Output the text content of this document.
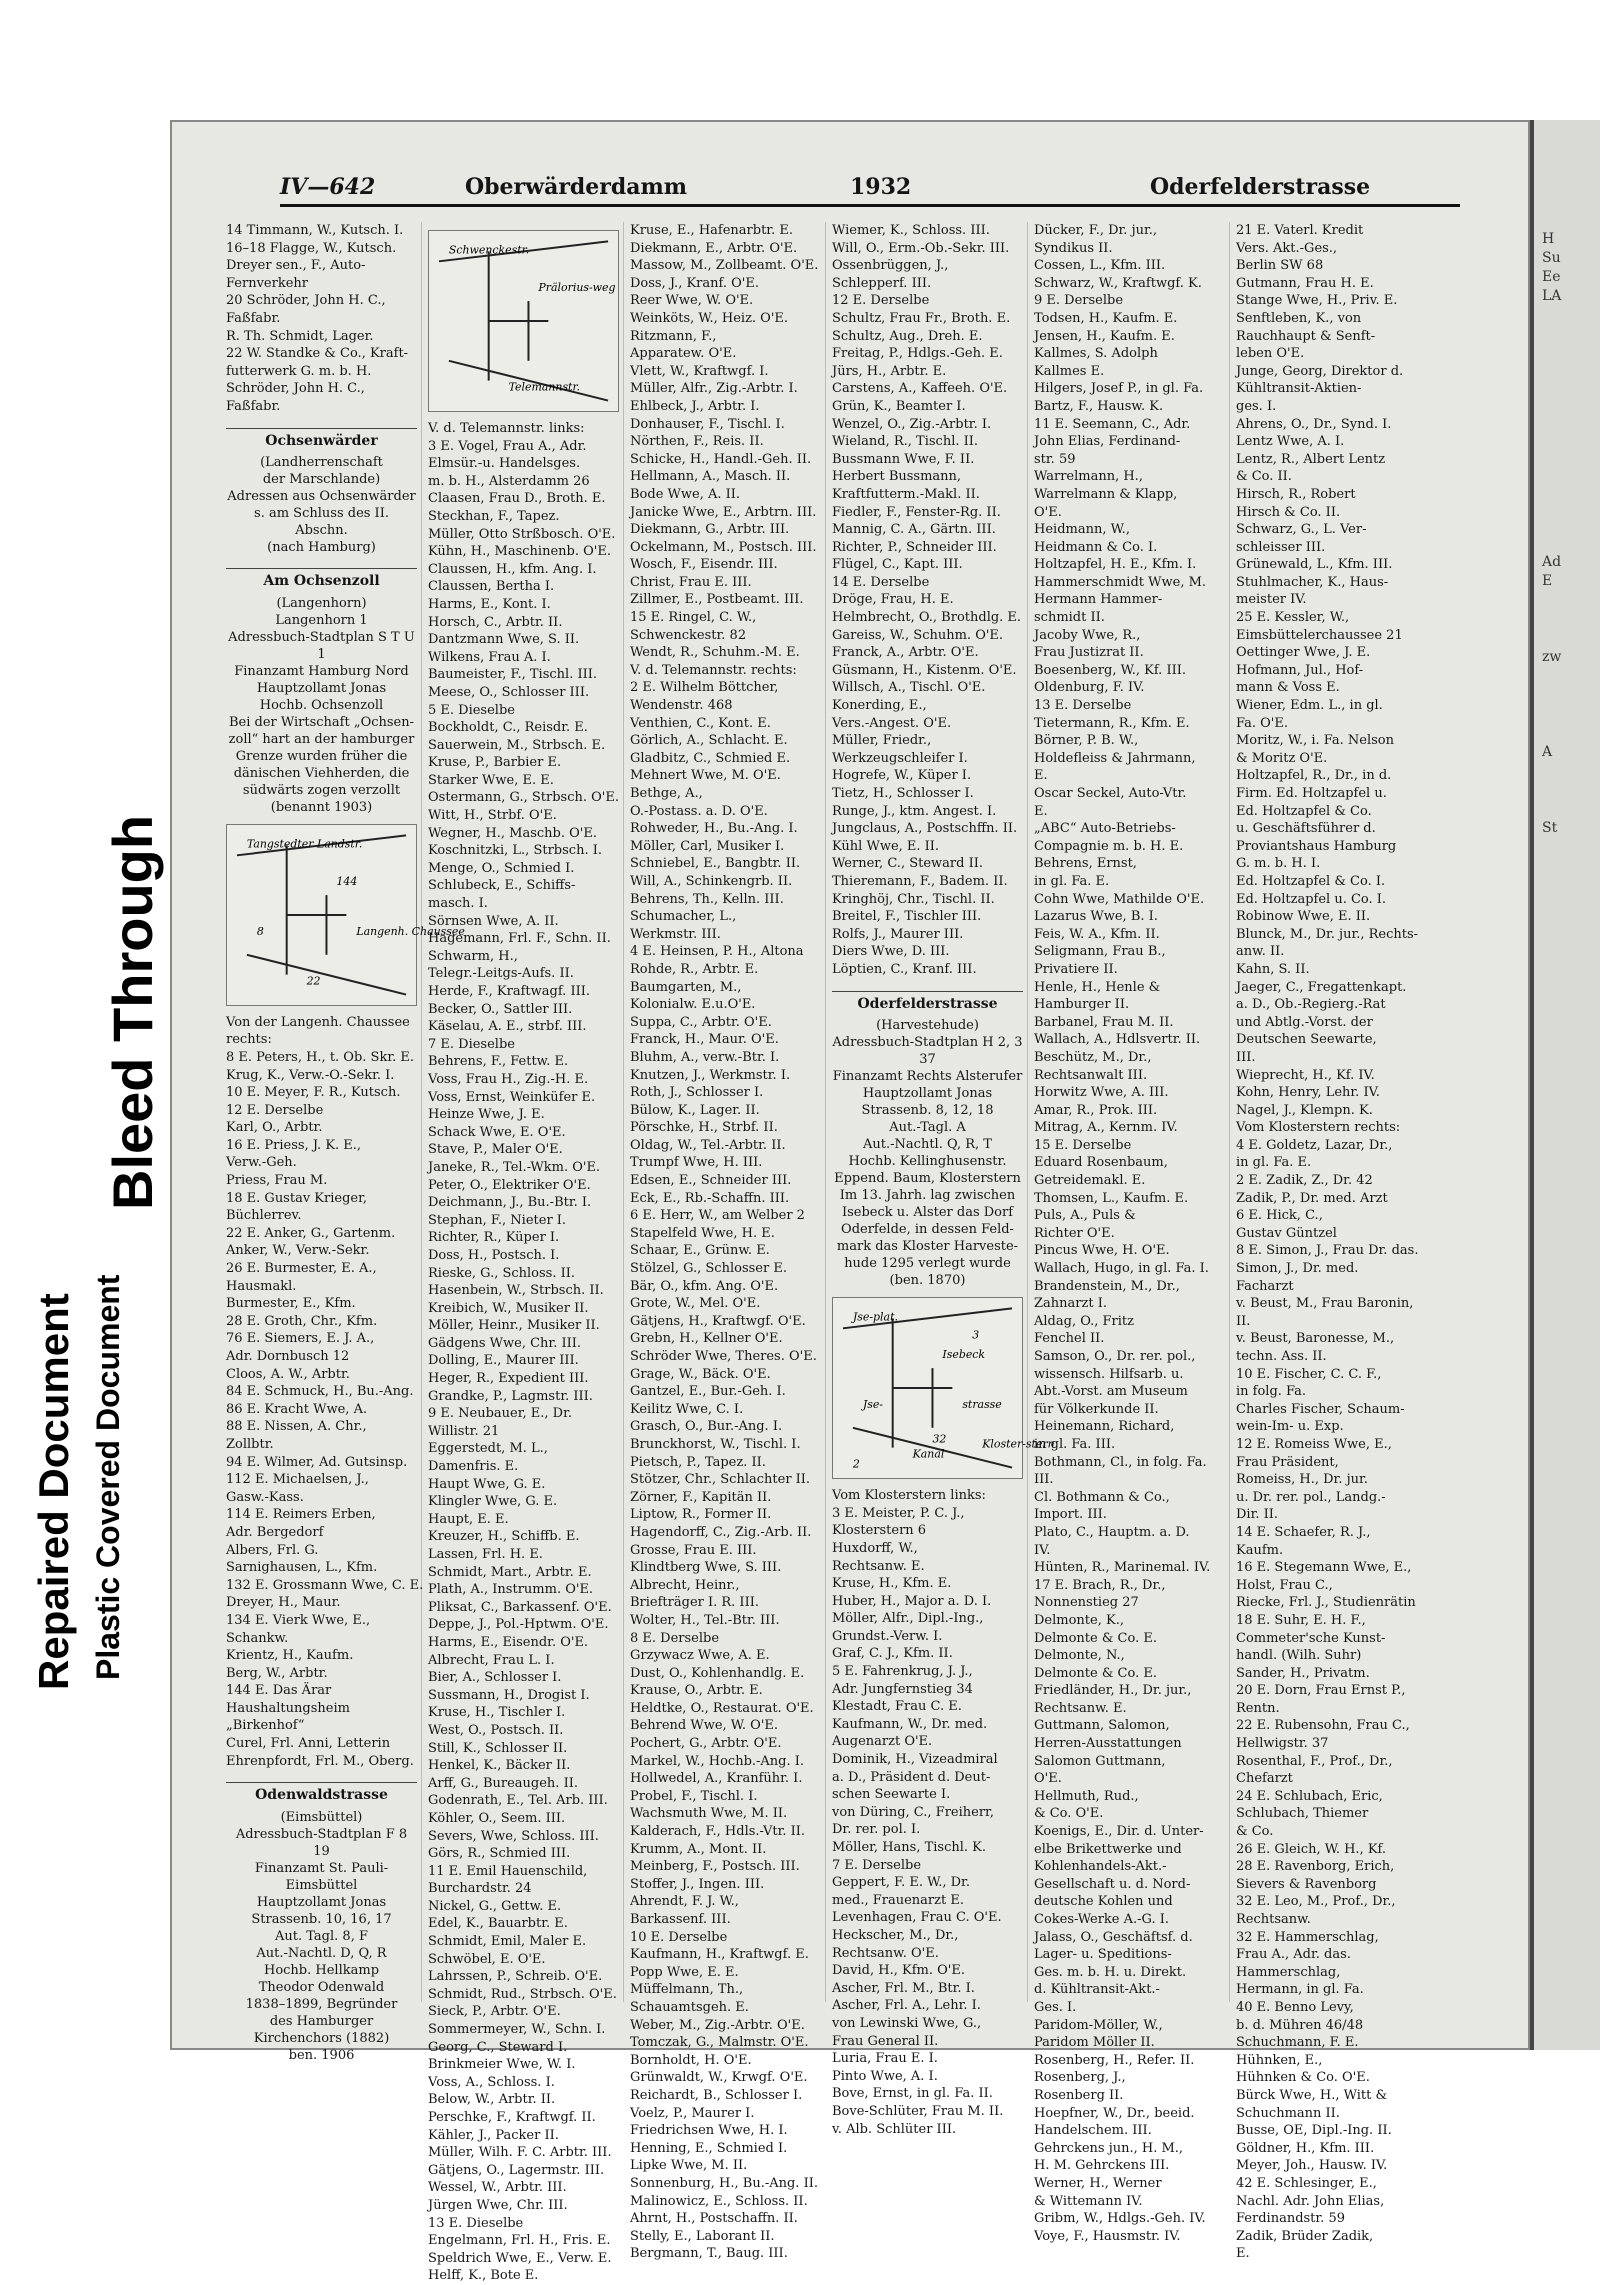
Repaired Document Plastic Covered Document
Bleed Through
IV—642	Oberwärderdamm	1932	Oderfelderstrasse
14 Timmann, W., Kutsch. I.
16–18 Flagge, W., Kutsch.
Dreyer sen., F., Auto-
Fernverkehr
20 Schröder, John H. C.,
Faßfabr.
R. Th. Schmidt, Lager.
22 W. Standke & Co., Kraft-
futterwerk G. m. b. H.
Schröder, John H. C.,
Faßfabr.
Ochsenwärder
(Landherrenschaft
der Marschlande)
Adressen aus Ochsenwärder
s. am Schluss des II. Abschn.
(nach Hamburg)
Am Ochsenzoll
(Langenhorn)
Langenhorn 1
Adressbuch-Stadtplan S T U 1
Finanzamt Hamburg Nord
Hauptzollamt Jonas
Hochb. Ochsenzoll
Bei der Wirtschaft „Ochsen-
zoll“ hart an der hamburger
Grenze wurden früher die
dänischen Viehherden, die
südwärts zogen verzollt
(benannt 1903)
Tangstedter Landstr.
144
22
8	Langenh. Chaussee
Von der Langenh. Chaussee
rechts:
8 E. Peters, H., t. Ob. Skr. E.
Krug, K., Verw.-O.-Sekr. I.
10 E. Meyer, F. R., Kutsch.
12 E. Derselbe
Karl, O., Arbtr.
16 E. Priess, J. K. E.,
Verw.-Geh.
Priess, Frau M.
18 E. Gustav Krieger,
Büchlerrev.
22 E. Anker, G., Gartenm.
Anker, W., Verw.-Sekr.
26 E. Burmester, E. A.,
Hausmakl.
Burmester, E., Kfm.
28 E. Groth, Chr., Kfm.
76 E. Siemers, E. J. A.,
Adr. Dornbusch 12
Cloos, A. W., Arbtr.
84 E. Schmuck, H., Bu.-Ang.
86 E. Kracht Wwe, A.
88 E. Nissen, A. Chr.,
Zollbtr.
94 E. Wilmer, Ad. Gutsinsp.
112 E. Michaelsen, J.,
Gasw.-Kass.
114 E. Reimers Erben,
Adr. Bergedorf
Albers, Frl. G.
Sarnighausen, L., Kfm.
132 E. Grossmann Wwe, C. E.
Dreyer, H., Maur.
134 E. Vierk Wwe, E.,
Schankw.
Krientz, H., Kaufm.
Berg, W., Arbtr.
144 E. Das Ärar
Haushaltungsheim
„Birkenhof“
Curel, Frl. Anni, Letterin
Ehrenpfordt, Frl. M., Oberg.
Odenwaldstrasse
(Eimsbüttel)
Adressbuch-Stadtplan F 8
19
Finanzamt St. Pauli-
Eimsbüttel
Hauptzollamt Jonas
Strassenb. 10, 16, 17
Aut. Tagl. 8, F
Aut.-Nachtl. D, Q, R
Hochb. Hellkamp
Theodor Odenwald
1838–1899, Begründer
des Hamburger
Kirchenchors (1882)
ben. 1906
Schwenckestr.
Prälorius-weg
Telemannstr.
V. d. Telemannstr. links:
3 E. Vogel, Frau A., Adr.
Elmsür.-u. Handelsges.
m. b. H., Alsterdamm 26
Claasen, Frau D., Broth. E.
Steckhan, F., Tapez.
Müller, Otto Strßbosch. O'E.
Kühn, H., Maschinenb. O'E.
Claussen, H., kfm. Ang. I.
Claussen, Bertha I.
Harms, E., Kont. I.
Horsch, C., Arbtr. II.
Dantzmann Wwe, S. II.
Wilkens, Frau A. I.
Baumeister, F., Tischl. III.
Meese, O., Schlosser III.
5 E. Dieselbe
Bockholdt, C., Reisdr. E.
Sauerwein, M., Strbsch. E.
Kruse, P., Barbier E.
Starker Wwe, E. E.
Ostermann, G., Strbsch. O'E.
Witt, H., Strbf. O'E.
Wegner, H., Maschb. O'E.
Koschnitzki, L., Strbsch. I.
Menge, O., Schmied I.
Schlubeck, E., Schiffs-
masch. I.
Sörnsen Wwe, A. II.
Hagemann, Frl. F., Schn. II.
Schwarm, H.,
Telegr.-Leitgs-Aufs. II.
Herde, F., Kraftwagf. III.
Becker, O., Sattler III.
Käselau, A. E., strbf. III.
7 E. Dieselbe
Behrens, F., Fettw. E.
Voss, Frau H., Zig.-H. E.
Voss, Ernst, Weinküfer E.
Heinze Wwe, J. E.
Schack Wwe, E. O'E.
Stave, P., Maler O'E.
Janeke, R., Tel.-Wkm. O'E.
Peter, O., Elektriker O'E.
Deichmann, J., Bu.-Btr. I.
Stephan, F., Nieter I.
Richter, R., Küper I.
Doss, H., Postsch. I.
Rieske, G., Schloss. II.
Hasenbein, W., Strbsch. II.
Kreibich, W., Musiker II.
Möller, Heinr., Musiker II.
Gädgens Wwe, Chr. III.
Dolling, E., Maurer III.
Heger, R., Expedient III.
Grandke, P., Lagmstr. III.
9 E. Neubauer, E., Dr.
Willistr. 21
Eggerstedt, M. L.,
Damenfris. E.
Haupt Wwe, G. E.
Klingler Wwe, G. E.
Haupt, E. E.
Kreuzer, H., Schiffb. E.
Lassen, Frl. H. E.
Schmidt, Mart., Arbtr. E.
Plath, A., Instrumm. O'E.
Pliksat, C., Barkassenf. O'E.
Deppe, J., Pol.-Hptwm. O'E.
Harms, E., Eisendr. O'E.
Albrecht, Frau L. I.
Bier, A., Schlosser I.
Sussmann, H., Drogist I.
Kruse, H., Tischler I.
West, O., Postsch. II.
Still, K., Schlosser II.
Henkel, K., Bäcker II.
Arff, G., Bureaugeh. II.
Godenrath, E., Tel. Arb. III.
Köhler, O., Seem. III.
Severs, Wwe, Schloss. III.
Görs, R., Schmied III.
11 E. Emil Hauenschild,
Burchardstr. 24
Nickel, G., Gettw. E.
Edel, K., Bauarbtr. E.
Schmidt, Emil, Maler E.
Schwöbel, E. O'E.
Lahrssen, P., Schreib. O'E.
Schmidt, Rud., Strbsch. O'E.
Sieck, P., Arbtr. O'E.
Sommermeyer, W., Schn. I.
Georg, C., Steward I.
Brinkmeier Wwe, W. I.
Voss, A., Schloss. I.
Below, W., Arbtr. II.
Perschke, F., Kraftwgf. II.
Kähler, J., Packer II.
Müller, Wilh. F. C. Arbtr. III.
Gätjens, O., Lagermstr. III.
Wessel, W., Arbtr. III.
Jürgen Wwe, Chr. III.
13 E. Dieselbe
Engelmann, Frl. H., Fris. E.
Speldrich Wwe, E., Verw. E.
Helff, K., Bote E.
Kruse, E., Hafenarbtr. E.
Diekmann, E., Arbtr. O'E.
Massow, M., Zollbeamt. O'E.
Doss, J., Kranf. O'E.
Reer Wwe, W. O'E.
Weinköts, W., Heiz. O'E.
Ritzmann, F.,
Apparatew. O'E.
Vlett, W., Kraftwgf. I.
Müller, Alfr., Zig.-Arbtr. I.
Ehlbeck, J., Arbtr. I.
Donhauser, F., Tischl. I.
Nörthen, F., Reis. II.
Schicke, H., Handl.-Geh. II.
Hellmann, A., Masch. II.
Bode Wwe, A. II.
Janicke Wwe, E., Arbtrn. III.
Diekmann, G., Arbtr. III.
Ockelmann, M., Postsch. III.
Wosch, F., Eisendr. III.
Christ, Frau E. III.
Zillmer, E., Postbeamt. III.
15 E. Ringel, C. W.,
Schwenckestr. 82
Wendt, R., Schuhm.-M. E.
V. d. Telemannstr. rechts:
2 E. Wilhelm Böttcher,
Wendenstr. 468
Venthien, C., Kont. E.
Görlich, A., Schlacht. E.
Gladbitz, C., Schmied E.
Mehnert Wwe, M. O'E.
Bethge, A.,
O.-Postass. a. D. O'E.
Rohweder, H., Bu.-Ang. I.
Möller, Carl, Musiker I.
Schniebel, E., Bangbtr. II.
Will, A., Schinkengrb. II.
Behrens, Th., Kelln. III.
Schumacher, L.,
Werkmstr. III.
4 E. Heinsen, P. H., Altona
Rohde, R., Arbtr. E.
Baumgarten, M.,
Kolonialw. E.u.O'E.
Suppa, C., Arbtr. O'E.
Franck, H., Maur. O'E.
Bluhm, A., verw.-Btr. I.
Knutzen, J., Werkmstr. I.
Roth, J., Schlosser I.
Bülow, K., Lager. II.
Pörschke, H., Strbf. II.
Oldag, W., Tel.-Arbtr. II.
Trumpf Wwe, H. III.
Edsen, E., Schneider III.
Eck, E., Rb.-Schaffn. III.
6 E. Herr, W., am Welber 2
Stapelfeld Wwe, H. E.
Schaar, E., Grünw. E.
Stölzel, G., Schlosser E.
Bär, O., kfm. Ang. O'E.
Grote, W., Mel. O'E.
Gätjens, H., Kraftwgf. O'E.
Grebn, H., Kellner O'E.
Schröder Wwe, Theres. O'E.
Grage, W., Bäck. O'E.
Gantzel, E., Bur.-Geh. I.
Keilitz Wwe, C. I.
Grasch, O., Bur.-Ang. I.
Brunckhorst, W., Tischl. I.
Pietsch, P., Tapez. II.
Stötzer, Chr., Schlachter II.
Zörner, F., Kapitän II.
Liptow, R., Former II.
Hagendorff, C., Zig.-Arb. II.
Grosse, Frau E. III.
Klindtberg Wwe, S. III.
Albrecht, Heinr.,
Briefträger I. R. III.
Wolter, H., Tel.-Btr. III.
8 E. Derselbe
Grzywacz Wwe, A. E.
Dust, O., Kohlenhandlg. E.
Krause, O., Arbtr. E.
Heldtke, O., Restaurat. O'E.
Behrend Wwe, W. O'E.
Pochert, G., Arbtr. O'E.
Markel, W., Hochb.-Ang. I.
Hollwedel, A., Kranführ. I.
Probel, F., Tischl. I.
Wachsmuth Wwe, M. II.
Kalderach, F., Hdls.-Vtr. II.
Krumm, A., Mont. II.
Meinberg, F., Postsch. III.
Stoffer, J., Ingen. III.
Ahrendt, F. J. W.,
Barkassenf. III.
10 E. Derselbe
Kaufmann, H., Kraftwgf. E.
Popp Wwe, E. E.
Müffelmann, Th.,
Schauamtsgeh. E.
Weber, M., Zig.-Arbtr. O'E.
Tomczak, G., Malmstr. O'E.
Bornholdt, H. O'E.
Grünwaldt, W., Krwgf. O'E.
Reichardt, B., Schlosser I.
Voelz, P., Maurer I.
Friedrichsen Wwe, H. I.
Henning, E., Schmied I.
Lipke Wwe, M. II.
Sonnenburg, H., Bu.-Ang. II.
Malinowicz, E., Schloss. II.
Ahrnt, H., Postschaffn. II.
Stelly, E., Laborant II.
Bergmann, T., Baug. III.
Wiemer, K., Schloss. III.
Will, O., Erm.-Ob.-Sekr. III.
Ossenbrüggen, J.,
Schlepperf. III.
12 E. Derselbe
Schultz, Frau Fr., Broth. E.
Schultz, Aug., Dreh. E.
Freitag, P., Hdlgs.-Geh. E.
Jürs, H., Arbtr. E.
Carstens, A., Kaffeeh. O'E.
Grün, K., Beamter I.
Wenzel, O., Zig.-Arbtr. I.
Wieland, R., Tischl. II.
Bussmann Wwe, F. II.
Herbert Bussmann,
Kraftfutterm.-Makl. II.
Fiedler, F., Fenster-Rg. II.
Mannig, C. A., Gärtn. III.
Richter, P., Schneider III.
Flügel, C., Kapt. III.
14 E. Derselbe
Dröge, Frau, H. E.
Helmbrecht, O., Brothdlg. E.
Gareiss, W., Schuhm. O'E.
Franck, A., Arbtr. O'E.
Güsmann, H., Kistenm. O'E.
Willsch, A., Tischl. O'E.
Konerding, E.,
Vers.-Angest. O'E.
Müller, Friedr.,
Werkzeugschleifer I.
Hogrefe, W., Küper I.
Tietz, H., Schlosser I.
Runge, J., ktm. Angest. I.
Jungclaus, A., Postschffn. II.
Kühl Wwe, E. II.
Werner, C., Steward II.
Thieremann, F., Badem. II.
Kringhöj, Chr., Tischl. II.
Breitel, F., Tischler III.
Rolfs, J., Maurer III.
Diers Wwe, D. III.
Löptien, C., Kranf. III.
Oderfelderstrasse
(Harvestehude)
Adressbuch-Stadtplan H 2, 3
37
Finanzamt Rechts Alsterufer
Hauptzollamt Jonas
Strassenb. 8, 12, 18
Aut.-Tagl. A
Aut.-Nachtl. Q, R, T
Hochb. Kellinghusenstr.
Eppend. Baum, Klosterstern
Im 13. Jahrh. lag zwischen
Isebeck u. Alster das Dorf
Oderfelde, in dessen Feld-
mark das Kloster Harveste-
hude 1295 verlegt wurde
(ben. 1870)
Jse-plat.
Isebeck
Kanal
Jse-	strasse
32
3
2
Kloster-stern
Vom Klosterstern links:
3 E. Meister, P. C. J.,
Klosterstern 6
Huxdorff, W.,
Rechtsanw. E.
Kruse, H., Kfm. E.
Huber, H., Major a. D. I.
Möller, Alfr., Dipl.-Ing.,
Grundst.-Verw. I.
Graf, C. J., Kfm. II.
5 E. Fahrenkrug, J. J.,
Adr. Jungfernstieg 34
Klestadt, Frau C. E.
Kaufmann, W., Dr. med.
Augenarzt O'E.
Dominik, H., Vizeadmiral
a. D., Präsident d. Deut-
schen Seewarte I.
von Düring, C., Freiherr,
Dr. rer. pol. I.
Möller, Hans, Tischl. K.
7 E. Derselbe
Geppert, F. E. W., Dr.
med., Frauenarzt E.
Levenhagen, Frau C. O'E.
Heckscher, M., Dr.,
Rechtsanw. O'E.
David, H., Kfm. O'E.
Ascher, Frl. M., Btr. I.
Ascher, Frl. A., Lehr. I.
von Lewinski Wwe, G.,
Frau General II.
Luria, Frau E. I.
Pinto Wwe, A. I.
Bove, Ernst, in gl. Fa. II.
Bove-Schlüter, Frau M. II.
v. Alb. Schlüter III.
Dücker, F., Dr. jur.,
Syndikus II.
Cossen, L., Kfm. III.
Schwarz, W., Kraftwgf. K.
9 E. Derselbe
Todsen, H., Kaufm. E.
Jensen, H., Kaufm. E.
Kallmes, S. Adolph
Kallmes E.
Hilgers, Josef P., in gl. Fa.
Bartz, F., Hausw. K.
11 E. Seemann, C., Adr.
John Elias, Ferdinand-
str. 59
Warrelmann, H.,
Warrelmann & Klapp,
O'E.
Heidmann, W.,
Heidmann & Co. I.
Holtzapfel, H. E., Kfm. I.
Hammerschmidt Wwe, M.
Hermann Hammer-
schmidt II.
Jacoby Wwe, R.,
Frau Justizrat II.
Boesenberg, W., Kf. III.
Oldenburg, F. IV.
13 E. Derselbe
Tietermann, R., Kfm. E.
Börner, P. B. W.,
Holdefleiss & Jahrmann,
E.
Oscar Seckel, Auto-Vtr.
E.
„ABC“ Auto-Betriebs-
Compagnie m. b. H. E.
Behrens, Ernst,
in gl. Fa. E.
Cohn Wwe, Mathilde O'E.
Lazarus Wwe, B. I.
Feis, W. A., Kfm. II.
Seligmann, Frau B.,
Privatiere II.
Henle, H., Henle &
Hamburger II.
Barbanel, Frau M. II.
Wallach, A., Hdlsvertr. II.
Beschütz, M., Dr.,
Rechtsanwalt III.
Horwitz Wwe, A. III.
Amar, R., Prok. III.
Mitrag, A., Kernm. IV.
15 E. Derselbe
Eduard Rosenbaum,
Getreidemakl. E.
Thomsen, L., Kaufm. E.
Puls, A., Puls &
Richter O'E.
Pincus Wwe, H. O'E.
Wallach, Hugo, in gl. Fa. I.
Brandenstein, M., Dr.,
Zahnarzt I.
Aldag, O., Fritz
Fenchel II.
Samson, O., Dr. rer. pol.,
wissensch. Hilfsarb. u.
Abt.-Vorst. am Museum
für Völkerkunde II.
Heinemann, Richard,
in gl. Fa. III.
Bothmann, Cl., in folg. Fa.
III.
Cl. Bothmann & Co.,
Import. III.
Plato, C., Hauptm. a. D.
IV.
Hünten, R., Marinemal. IV.
17 E. Brach, R., Dr.,
Nonnenstieg 27
Delmonte, K.,
Delmonte & Co. E.
Delmonte, N.,
Delmonte & Co. E.
Friedländer, H., Dr. jur.,
Rechtsanw. E.
Guttmann, Salomon,
Herren-Ausstattungen
Salomon Guttmann,
O'E.
Hellmuth, Rud.,
& Co. O'E.
Koenigs, E., Dir. d. Unter-
elbe Brikettwerke und
Kohlenhandels-Akt.-
Gesellschaft u. d. Nord-
deutsche Kohlen und
Cokes-Werke A.-G. I.
Jalass, O., Geschäftsf. d.
Lager- u. Speditions-
Ges. m. b. H. u. Direkt.
d. Kühltransit-Akt.-
Ges. I.
Paridom-Möller, W.,
Paridom Möller II.
Rosenberg, H., Refer. II.
Rosenberg, J.,
Rosenberg II.
Hoepfner, W., Dr., beeid.
Handelschem. III.
Gehrckens jun., H. M.,
H. M. Gehrckens III.
Werner, H., Werner
& Wittemann IV.
Gribm, W., Hdlgs.-Geh. IV.
Voye, F., Hausmstr. IV.
21 E. Vaterl. Kredit
Vers. Akt.-Ges.,
Berlin SW 68
Gutmann, Frau H. E.
Stange Wwe, H., Priv. E.
Senftleben, K., von
Rauchhaupt & Senft-
leben O'E.
Junge, Georg, Direktor d.
Kühltransit-Aktien-
ges. I.
Ahrens, O., Dr., Synd. I.
Lentz Wwe, A. I.
Lentz, R., Albert Lentz
& Co. II.
Hirsch, R., Robert
Hirsch & Co. II.
Schwarz, G., L. Ver-
schleisser III.
Grünewald, L., Kfm. III.
Stuhlmacher, K., Haus-
meister IV.
25 E. Kessler, W.,
Eimsbüttelerchaussee 21
Oettinger Wwe, J. E.
Hofmann, Jul., Hof-
mann & Voss E.
Wiener, Edm. L., in gl.
Fa. O'E.
Moritz, W., i. Fa. Nelson
& Moritz O'E.
Holtzapfel, R., Dr., in d.
Firm. Ed. Holtzapfel u.
Ed. Holtzapfel & Co.
u. Geschäftsführer d.
Proviantshaus Hamburg
G. m. b. H. I.
Ed. Holtzapfel & Co. I.
Ed. Holtzapfel u. Co. I.
Robinow Wwe, E. II.
Blunck, M., Dr. jur., Rechts-
anw. II.
Kahn, S. II.
Jaeger, C., Fregattenkapt.
a. D., Ob.-Regierg.-Rat
und Abtlg.-Vorst. der
Deutschen Seewarte,
III.
Wieprecht, H., Kf. IV.
Kohn, Henry, Lehr. IV.
Nagel, J., Klempn. K.
Vom Klosterstern rechts:
4 E. Goldetz, Lazar, Dr.,
in gl. Fa. E.
2 E. Zadik, Z., Dr. 42
Zadik, P., Dr. med. Arzt
6 E. Hick, C.,
Gustav Güntzel
8 E. Simon, J., Frau Dr. das.
Simon, J., Dr. med.
Facharzt
v. Beust, M., Frau Baronin,
II.
v. Beust, Baronesse, M.,
techn. Ass. II.
10 E. Fischer, C. C. F.,
in folg. Fa.
Charles Fischer, Schaum-
wein-Im- u. Exp.
12 E. Romeiss Wwe, E.,
Frau Präsident,
Romeiss, H., Dr. jur.
u. Dr. rer. pol., Landg.-
Dir. II.
14 E. Schaefer, R. J.,
Kaufm.
16 E. Stegemann Wwe, E.,
Holst, Frau C.,
Riecke, Frl. J., Studienrätin
18 E. Suhr, E. H. F.,
Commeter'sche Kunst-
handl. (Wilh. Suhr)
Sander, H., Privatm.
20 E. Dorn, Frau Ernst P.,
Rentn.
22 E. Rubensohn, Frau C.,
Hellwigstr. 37
Rosenthal, F., Prof., Dr.,
Chefarzt
24 E. Schlubach, Eric,
Schlubach, Thiemer
& Co.
26 E. Gleich, W. H., Kf.
28 E. Ravenborg, Erich,
Sievers & Ravenborg
32 E. Leo, M., Prof., Dr.,
Rechtsanw.
32 E. Hammerschlag,
Frau A., Adr. das.
Hammerschlag,
Hermann, in gl. Fa.
40 E. Benno Levy,
b. d. Mühren 46/48
Schuchmann, F. E.
Hühnken, E.,
Hühnken & Co. O'E.
Bürck Wwe, H., Witt &
Schuchmann II.
Busse, OE, Dipl.-Ing. II.
Göldner, H., Kfm. III.
Meyer, Joh., Hausw. IV.
42 E. Schlesinger, E.,
Nachl. Adr. John Elias,
Ferdinandstr. 59
Zadik, Brüder Zadik,
E.
H
Su
Ee
LA

Ad
E

zw

A

St
